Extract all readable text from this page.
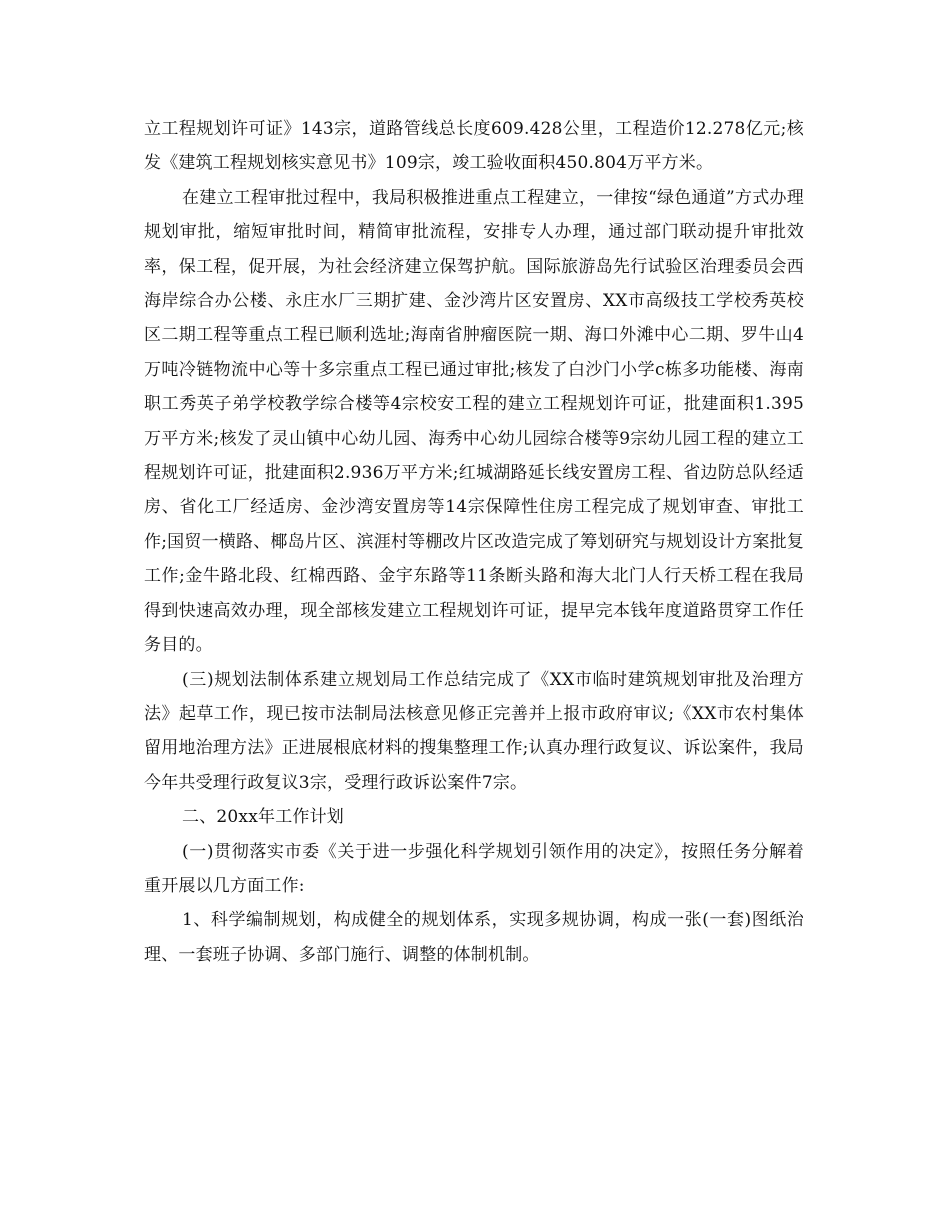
立工程规划许可证》143宗，道路管线总长度609.428公里，工程造价12.278亿元;核发《建筑工程规划核实意见书》109宗，竣工验收面积450.804万平方米。

在建立工程审批过程中，我局积极推进重点工程建立，一律按“绿色通道”方式办理规划审批，缩短审批时间，精简审批流程，安排专人办理，通过部门联动提升审批效率，保工程，促开展，为社会经济建立保驾护航。国际旅游岛先行试验区治理委员会西海岸综合办公楼、永庄水厂三期扩建、金沙湾片区安置房、XX市高级技工学校秀英校区二期工程等重点工程已顺利选址;海南省肿瘤医院一期、海口外滩中心二期、罗牛山4万吨冷链物流中心等十多宗重点工程已通过审批;核发了白沙门小学c栋多功能楼、海南职工秀英子弟学校教学综合楼等4宗校安工程的建立工程规划许可证，批建面积1.395万平方米;核发了灵山镇中心幼儿园、海秀中心幼儿园综合楼等9宗幼儿园工程的建立工程规划许可证，批建面积2.936万平方米;红城湖路延长线安置房工程、省边防总队经适房、省化工厂经适房、金沙湾安置房等14宗保障性住房工程完成了规划审查、审批工作;国贸一横路、椰岛片区、滨涯村等棚改片区改造完成了筹划研究与规划设计方案批复工作;金牛路北段、红棉西路、金宇东路等11条断头路和海大北门人行天桥工程在我局得到快速高效办理，现全部核发建立工程规划许可证，提早完本钱年度道路贯穿工作任务目的。

(三)规划法制体系建立规划局工作总结完成了《XX市临时建筑规划审批及治理方法》起草工作，现已按市法制局法核意见修正完善并上报市政府审议;《XX市农村集体留用地治理方法》正进展根底材料的搜集整理工作;认真办理行政复议、诉讼案件，我局今年共受理行政复议3宗，受理行政诉讼案件7宗。

二、20xx年工作计划

(一)贯彻落实市委《关于进一步强化科学规划引领作用的决定》，按照任务分解着重开展以几方面工作:

1、科学编制规划，构成健全的规划体系，实现多规协调，构成一张(一套)图纸治理、一套班子协调、多部门施行、调整的体制机制。
